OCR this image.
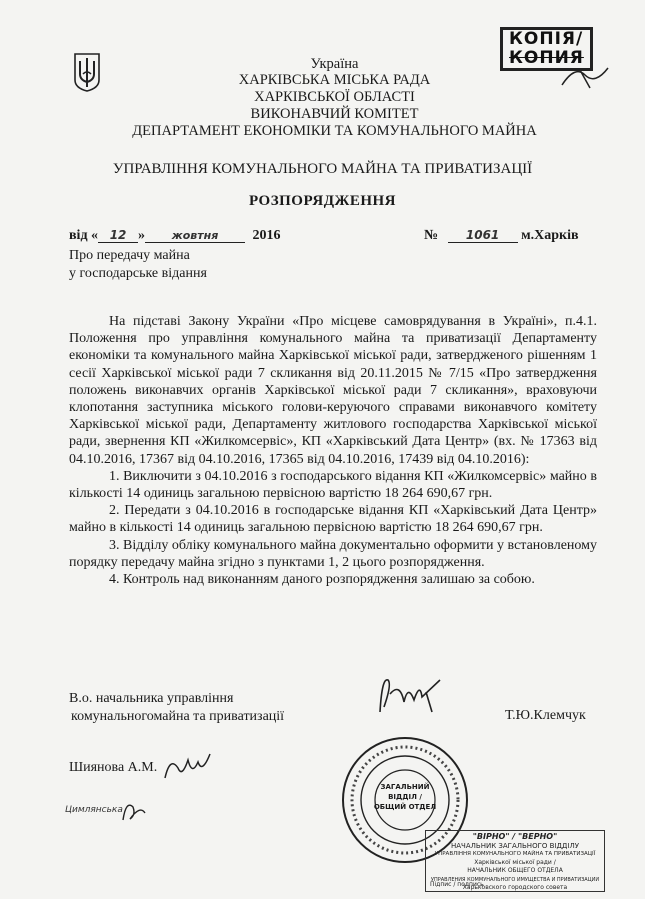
КОПІЯ/
КОПИЯ
Україна
ХАРКІВСЬКА МІСЬКА РАДА
ХАРКІВСЬКОЇ ОБЛАСТІ
ВИКОНАВЧИЙ КОМІТЕТ
ДЕПАРТАМЕНТ ЕКОНОМІКИ ТА КОМУНАЛЬНОГО МАЙНА
УПРАВЛІННЯ КОМУНАЛЬНОГО МАЙНА ТА ПРИВАТИЗАЦІЇ
РОЗПОРЯДЖЕННЯ
від « 12 » жовтня 2016	№ 1061 м.Харків
Про передачу майна
у господарське відання

На підставі Закону України «Про місцеве самоврядування в Україні», п.4.1. Положення про управління комунального майна та приватизації Департаменту економіки та комунального майна Харківської міської ради, затвердженого рішенням 1 сесії Харківської міської ради 7 скликання від 20.11.2015 № 7/15 «Про затвердження положень виконавчих органів Харківської міської ради 7 скликання», враховуючи клопотання заступника міського голови-керуючого справами виконавчого комітету Харківської міської ради, Департаменту житлового господарства Харківської міської ради, звернення КП «Жилкомсервіс», КП «Харківський Дата Центр» (вх. № 17363 від 04.10.2016, 17367 від 04.10.2016, 17365 від 04.10.2016, 17439 від 04.10.2016):

1. Виключити з 04.10.2016 з господарського відання КП «Жилкомсервіс» майно в кількості 14 одиниць загальною первісною вартістю 18 264 690,67 грн.

2. Передати з 04.10.2016 в господарське відання КП «Харківський Дата Центр» майно в кількості 14 одиниць загальною первісною вартістю 18 264 690,67 грн.

3. Відділу обліку комунального майна документально оформити у встановленому порядку передачу майна згідно з пунктами 1, 2 цього розпорядження.

4. Контроль над виконанням даного розпорядження залишаю за собою.

В.о. начальника управління
комунальногомайна та приватизації	Т.Ю.Клемчук
Шиянова А.М.
Цимлянська
ЗАГАЛЬНИЙ
ВІДДІЛ /
ОБЩИЙ ОТДЕЛ
"ВІРНО" / "ВЕРНО"
НАЧАЛЬНИК ЗАГАЛЬНОГО ВІДДІЛУ
УПРАВЛІННЯ КОМУНАЛЬНОГО МАЙНА ТА ПРИВАТИЗАЦІЇ
Харківської міської ради /
НАЧАЛЬНИК ОБЩЕГО ОТДЕЛА
УПРАВЛЕНИЯ КОММУНАЛЬНОГО ИМУЩЕСТВА И ПРИВАТИЗАЦИИ
Харьковского городского совета
Підпис / подпись
